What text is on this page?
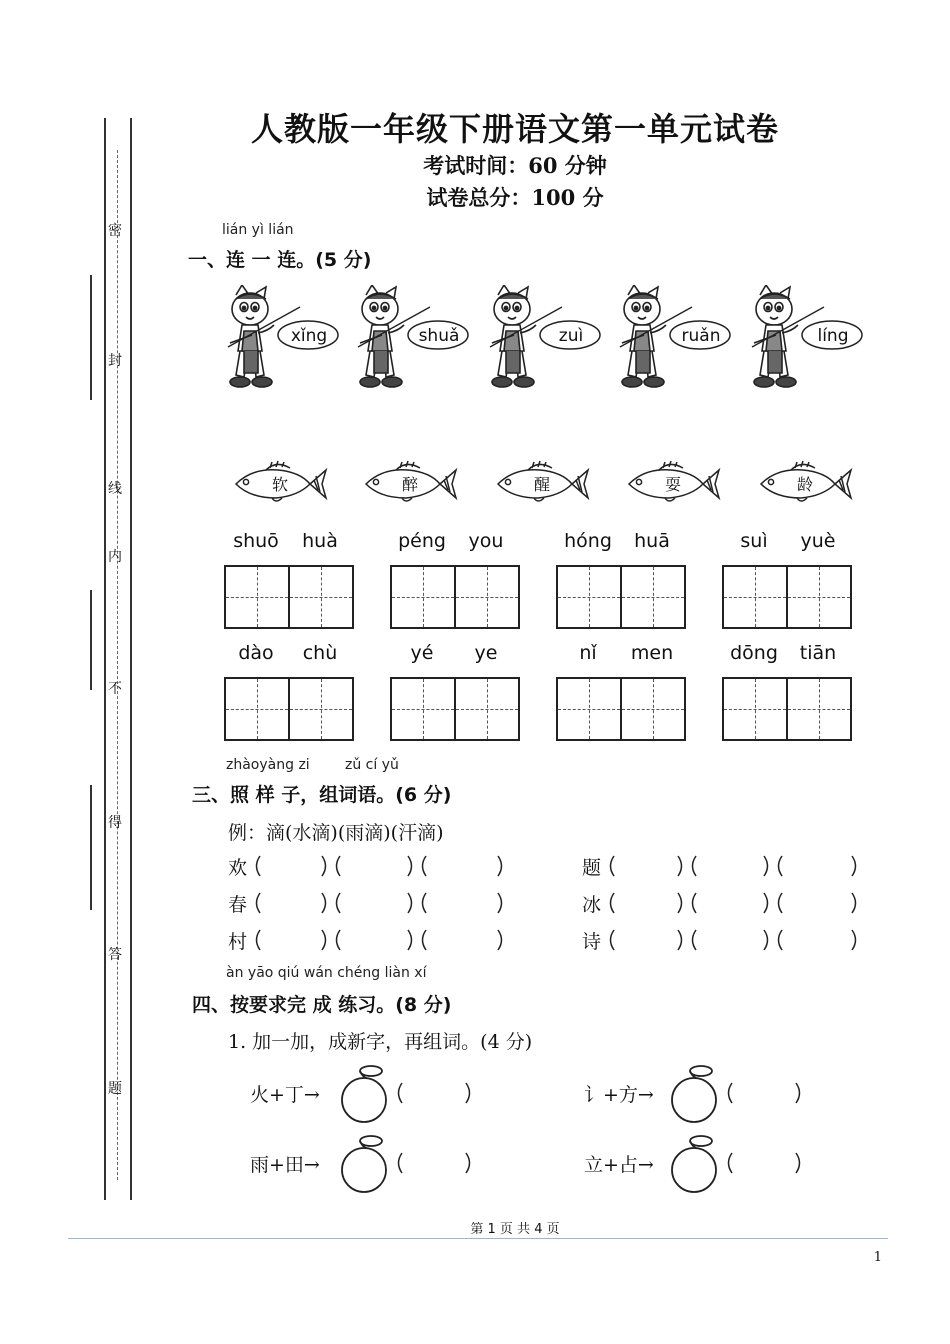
密
封
线
内
不
得
答
题
人教版一年级下册语文第一单元试卷
考试时间：60 分钟
试卷总分：100 分
lián yì lián
一、连 一 连。(5 分)
zhàoyàng zi	zǔ cí yǔ
三、照 样 子，组词语。(6 分)
例：滴(水滴)(雨滴)(汗滴)
àn yāo qiú wán chéng liàn xí
四、按要求完 成 练习。(8 分)
1. 加一加，成新字，再组词。(4 分)
第 1 页 共 4 页
1
xǐng	shuǎ	zuì	ruǎn	líng
软	醉	醒	耍	龄
shuō	huà	péng	you	hóng	huā	suì	yuè
dào	chù	yé	ye	nǐ	men	dōng	tiān
欢	题
春	冰
村	诗
火+丁→	讠+方→
雨+田→	立+占→
